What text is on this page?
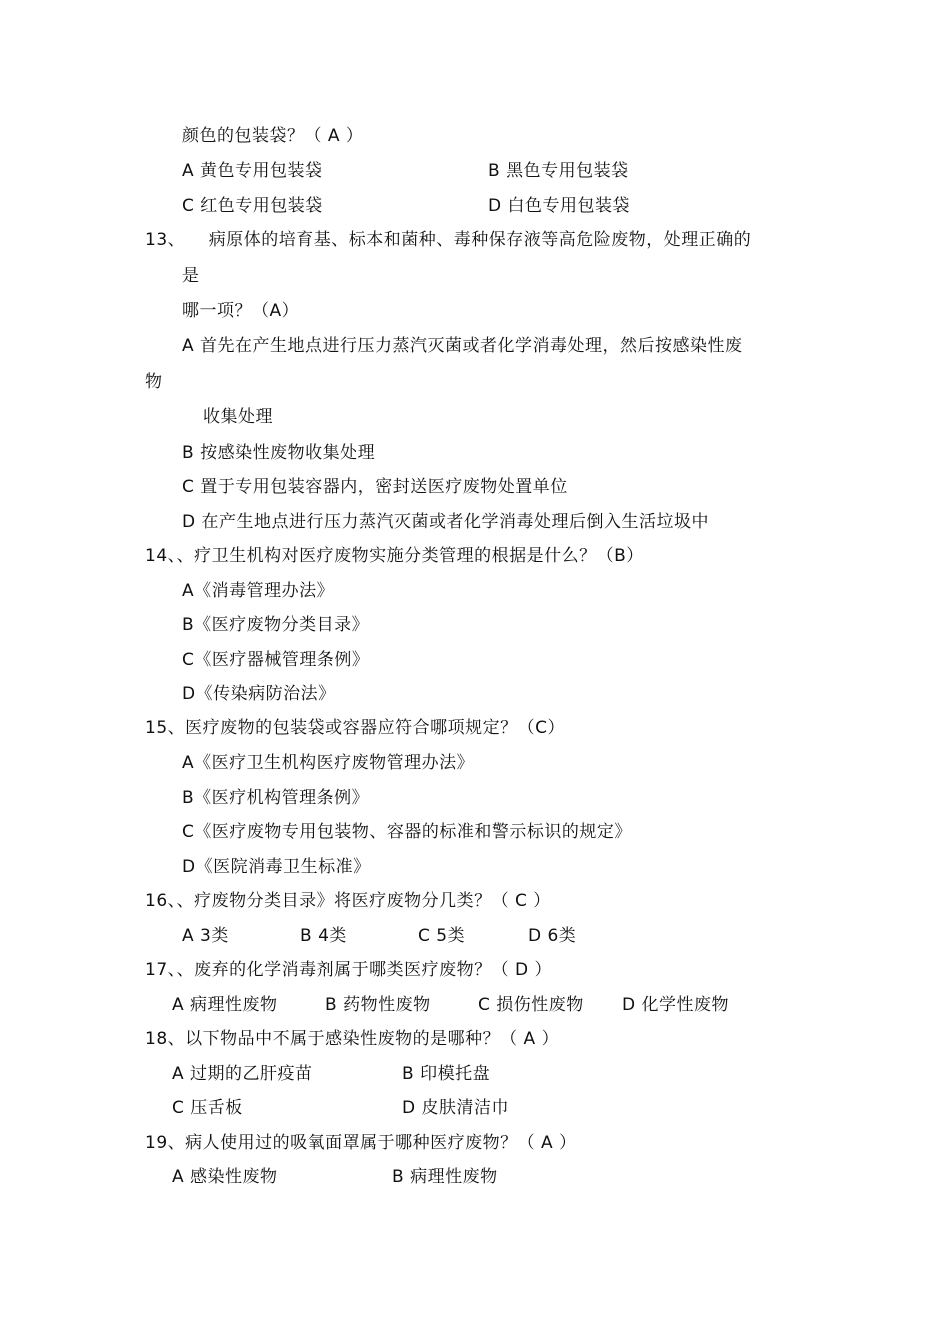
颜色的包装袋？（ A ）
A 黄色专用包装袋	B 黑色专用包装袋
C 红色专用包装袋	D 白色专用包装袋
13、    病原体的培育基、标本和菌种、毒种保存液等高危险废物，处理正确的
是
哪一项？（A）
A 首先在产生地点进行压力蒸汽灭菌或者化学消毒处理，然后按感染性废
物
收集处理
B 按感染性废物收集处理
C 置于专用包装容器内，密封送医疗废物处置单位
D 在产生地点进行压力蒸汽灭菌或者化学消毒处理后倒入生活垃圾中
14、、疗卫生机构对医疗废物实施分类管理的根据是什么？（B）
A《消毒管理办法》
B《医疗废物分类目录》
C《医疗器械管理条例》
D《传染病防治法》
15、医疗废物的包装袋或容器应符合哪项规定？（C）
A《医疗卫生机构医疗废物管理办法》
B《医疗机构管理条例》
C《医疗废物专用包装物、容器的标准和警示标识的规定》
D《医院消毒卫生标准》
16、、疗废物分类目录》将医疗废物分几类？（ C ）
A 3类	B 4类	C 5类	D 6类
17、、废弃的化学消毒剂属于哪类医疗废物？（ D ）
A 病理性废物	B 药物性废物	C 损伤性废物 D 化学性废物
18、以下物品中不属于感染性废物的是哪种？（ A ）
A 过期的乙肝疫苗	B 印模托盘
C 压舌板	D 皮肤清洁巾
19、病人使用过的吸氧面罩属于哪种医疗废物？（ A ）
A 感染性废物	B 病理性废物
